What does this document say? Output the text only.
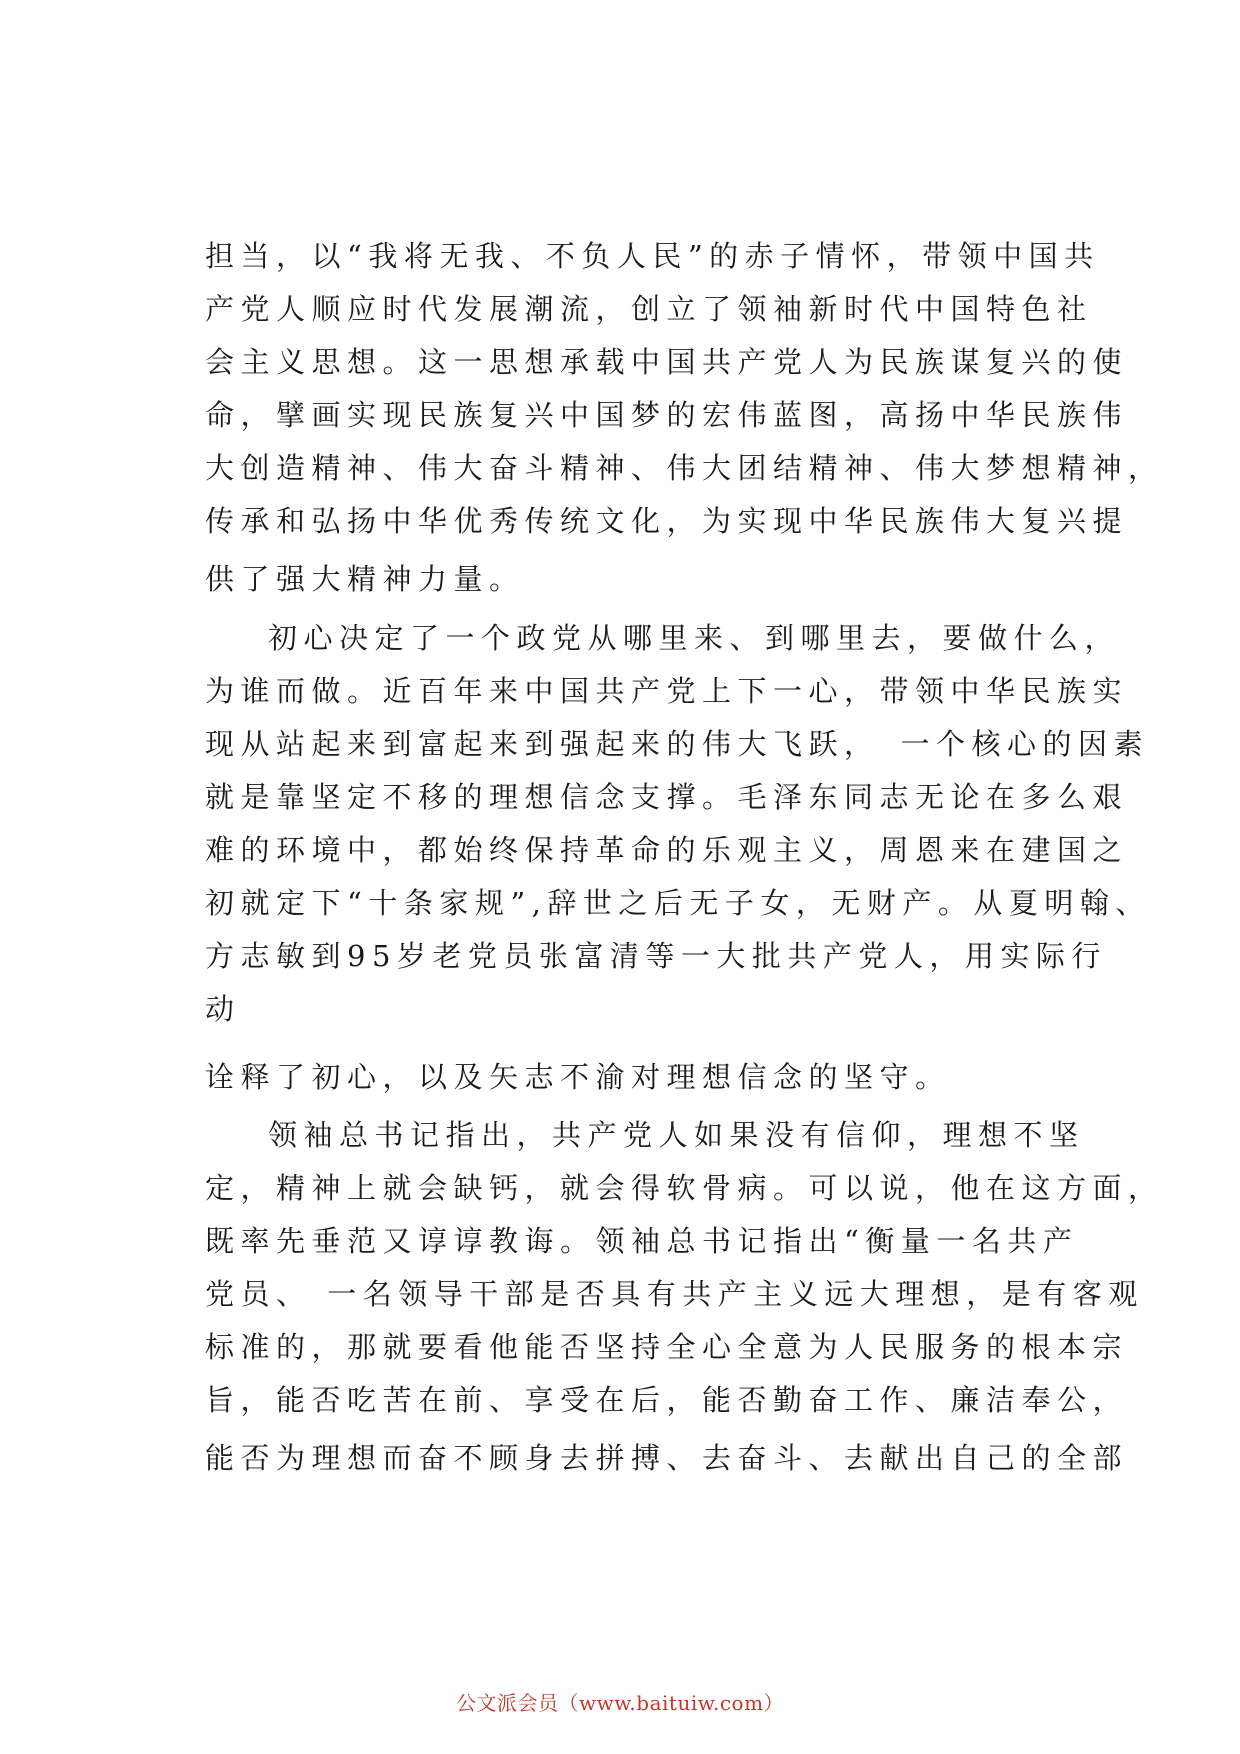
担当，以“我将无我、不负人民”的赤子情怀，带领中国共
产党人顺应时代发展潮流，创立了领袖新时代中国特色社
会主义思想。这一思想承载中国共产党人为民族谋复兴的使
命，擘画实现民族复兴中国梦的宏伟蓝图，高扬中华民族伟
大创造精神、伟大奋斗精神、伟大团结精神、伟大梦想精神，
传承和弘扬中华优秀传统文化，为实现中华民族伟大复兴提
供了强大精神力量。
初心决定了一个政党从哪里来、到哪里去，要做什么，
为谁而做。近百年来中国共产党上下一心，带领中华民族实
现从站起来到富起来到强起来的伟大飞跃，　一个核心的因素
就是靠坚定不移的理想信念支撑。毛泽东同志无论在多么艰
难的环境中，都始终保持革命的乐观主义，周恩来在建国之
初就定下“十条家规”,辞世之后无子女，无财产。从夏明翰、
方志敏到95岁老党员张富清等一大批共产党人，用实际行
动
诠释了初心，以及矢志不渝对理想信念的坚守。
领袖总书记指出，共产党人如果没有信仰，理想不坚
定，精神上就会缺钙，就会得软骨病。可以说，他在这方面，
既率先垂范又谆谆教诲。领袖总书记指出“衡量一名共产
党员、 一名领导干部是否具有共产主义远大理想，是有客观
标准的，那就要看他能否坚持全心全意为人民服务的根本宗
旨，能否吃苦在前、享受在后，能否勤奋工作、廉洁奉公，
能否为理想而奋不顾身去拼搏、去奋斗、去献出自己的全部
公文派会员（www.baituiw.com）
